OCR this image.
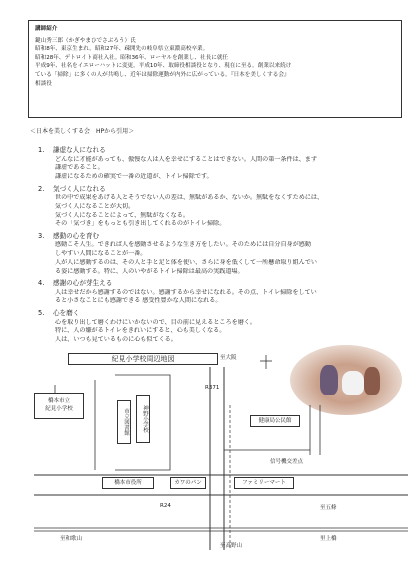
講師紹介
鍵山秀三郎（かぎやまひでさぶろう）氏
昭和8年、東京生まれ。昭和27年、疎開先の岐阜県立東濃高校卒業。
昭和28年、デトロイト商社入社。昭和36年、ローヤルを創業し、社長に就任
平成9年、社名をイエローハットに変更。平成10年、取締役相談役となり、現在に至る。創業以来続け
ている「掃除」に多くの人が共鳴し、近年は掃除運動が内外に広がっている。『日本を美しくする会』
相談役
＜日本を美しくする会　HPから引用＞
1.	謙虚な人になれる
どんなに才能があっても、傲慢な人は人を幸せにすることはできない。人間の第一条件は、まず
謙虚であること。
謙虚になるための確実で一番の近道が、トイレ掃除です。
2.	気づく人になれる
世の中で成果をあげる人とそうでない人の差は、無駄があるか、ないか。無駄をなくすためには、
気づく人になることが大切。
気づく人になることによって、無駄がなくなる。
その「気づき」をもっとも引き出してくれるのがトイレ掃除。
3.	感動の心を育む
感動こそ人生。できれば人を感動させるような生き方をしたい。そのためには自分自身が感動
しやすい人間になることが一番。
人が人に感動するのは、その人と手と足と体を使い、さらに身を低くして一所懸命取り組んでい
る姿に感動する。特に、人のいやがるトイレ掃除は最高の実践道場。
4.	感謝の心が芽生える
人は幸せだから感謝するのではない。感謝するから幸せになれる。その点、トイレ掃除をしてい
ると小さなことにも感謝できる 感受性豊かな人間になれる。
5.	心を磨く
心を取り出して磨くわけにいかないので、目の前に見えるところを磨く。
特に、人の嫌がるトイレをきれいにすると、心も美しくなる。
人は、いつも見ているものに心も似てくる。
紀見小学校周辺地図
橋本市立
紀見小学校	市立図書館	神野小学校
橋本市役所	カワのパン	ファミリーマート
健康局公民館
至大阪
R371
R24
至和歌山
至五條
至高野山
信号機交差点
里上橋
